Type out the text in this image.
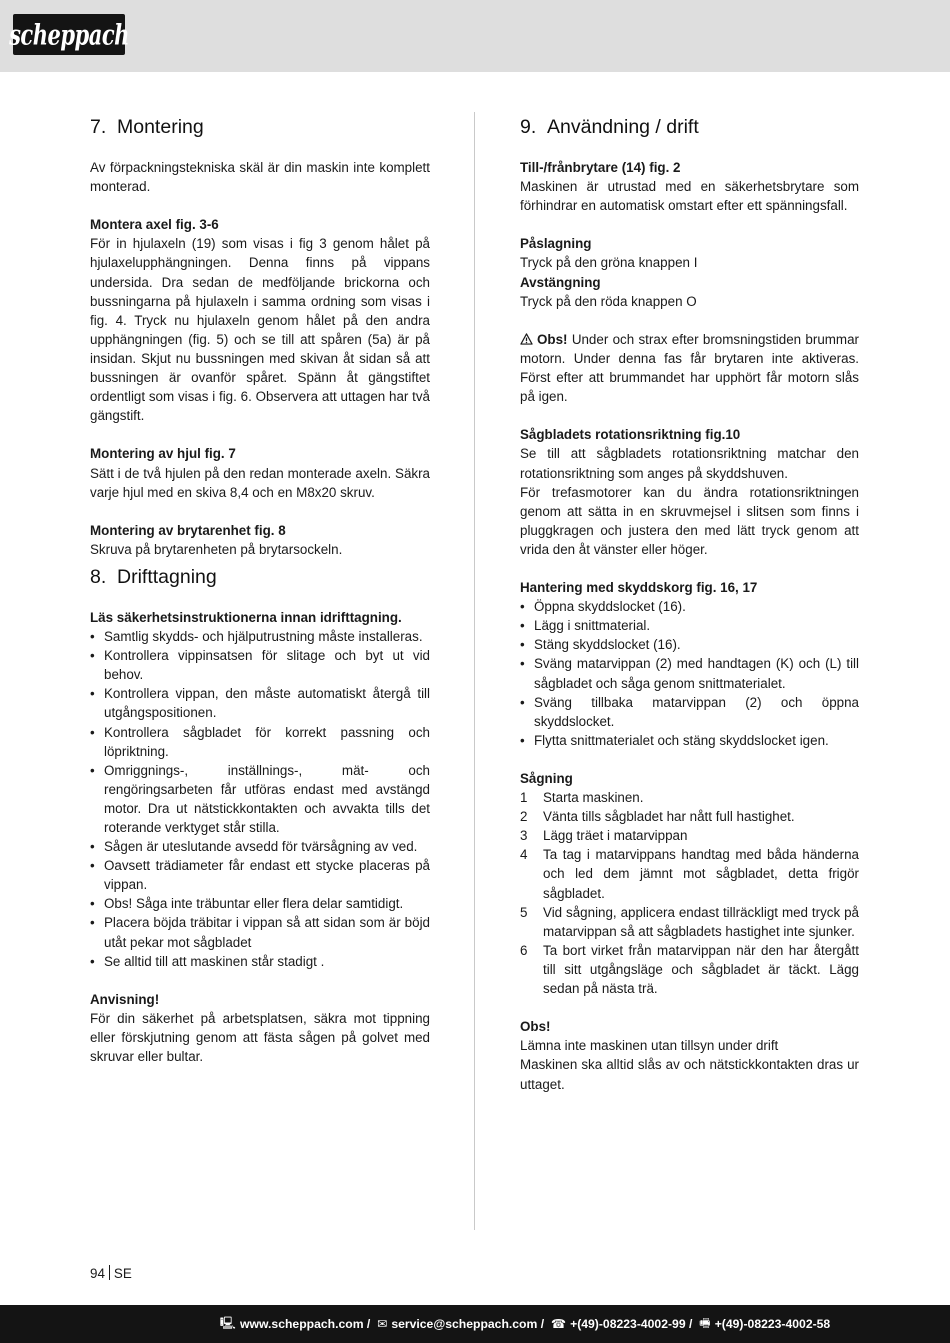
scheppach
7. Montering

Av förpackningstekniska skäl är din maskin inte komplett monterad.

Montera axel fig. 3-6

För in hjulaxeln (19) som visas i fig 3 genom hålet på hjulaxelupphängningen. Denna finns på vippans undersida. Dra sedan de medföljande brickorna och bussningarna på hjulaxeln i samma ordning som visas i fig. 4. Tryck nu hjulaxeln genom hålet på den andra upphängningen (fig. 5) och se till att spåren (5a) är på insidan. Skjut nu bussningen med skivan åt sidan så att bussningen är ovanför spåret. Spänn åt gängstiftet ordentligt som visas i fig. 6. Observera att uttagen har två gängstift.

Montering av hjul fig. 7

Sätt i de två hjulen på den redan monterade axeln. Säkra varje hjul med en skiva 8,4 och en M8x20 skruv.

Montering av brytarenhet fig. 8

Skruva på brytarenheten på brytarsockeln.

8. Drifttagning

Läs säkerhetsinstruktionerna innan idrifttagning.

• Samtlig skydds- och hjälputrustning måste installeras.
• Kontrollera vippinsatsen för slitage och byt ut vid behov.
• Kontrollera vippan, den måste automatiskt återgå till utgångspositionen.
• Kontrollera sågbladet för korrekt passning och löpriktning.
• Omriggnings-, inställnings-, mät- och rengöringsarbeten får utföras endast med avstängd motor. Dra ut nätstickkontakten och avvakta tills det roterande verktyget står stilla.
• Sågen är uteslutande avsedd för tvärsågning av ved.
• Oavsett trädiameter får endast ett stycke placeras på vippan.
• Obs! Såga inte träbuntar eller flera delar samtidigt.
• Placera böjda träbitar i vippan så att sidan som är böjd utåt pekar mot sågbladet
• Se alltid till att maskinen står stadigt .

Anvisning!

För din säkerhet på arbetsplatsen, säkra mot tippning eller förskjutning genom att fästa sågen på golvet med skruvar eller bultar.

9. Användning / drift

Till-/frånbrytare (14) fig. 2

Maskinen är utrustad med en säkerhetsbrytare som förhindrar en automatisk omstart efter ett spänningsfall.

Påslagning

Tryck på den gröna knappen I

Avstängning

Tryck på den röda knappen O

Obs! Under och strax efter bromsningstiden brummar motorn. Under denna fas får brytaren inte aktiveras. Först efter att brummandet har upphört får motorn slås på igen.

Sågbladets rotationsriktning fig.10

Se till att sågbladets rotationsriktning matchar den rotationsriktning som anges på skyddshuven.

För trefasmotorer kan du ändra rotationsriktningen genom att sätta in en skruvmejsel i slitsen som finns i pluggkragen och justera den med lätt tryck genom att vrida den åt vänster eller höger.

Hantering med skyddskorg fig. 16, 17

• Öppna skyddslocket (16).
• Lägg i snittmaterial.
• Stäng skyddslocket (16).
• Sväng matarvippan (2) med handtagen (K) och (L) till sågbladet och såga genom snittmaterialet.
• Sväng tillbaka matarvippan (2) och öppna skyddslocket.
• Flytta snittmaterialet och stäng skyddslocket igen.

Sågning

1 Starta maskinen.
2 Vänta tills sågbladet har nått full hastighet.
3 Lägg träet i matarvippan
4 Ta tag i matarvippans handtag med båda händerna och led dem jämnt mot sågbladet, detta frigör sågbladet.
5 Vid sågning, applicera endast tillräckligt med tryck på matarvippan så att sågbladets hastighet inte sjunker.
6 Ta bort virket från matarvippan när den har återgått till sitt utgångsläge och sågbladet är täckt. Lägg sedan på nästa trä.

Obs!

Lämna inte maskinen utan tillsyn under drift

Maskinen ska alltid slås av och nätstickkontakten dras ur uttaget.

94 SE
🖳 www.scheppach.com /
✉ service@scheppach.com /
☎ +(49)-08223-4002-99 /
🖷 +(49)-08223-4002-58
